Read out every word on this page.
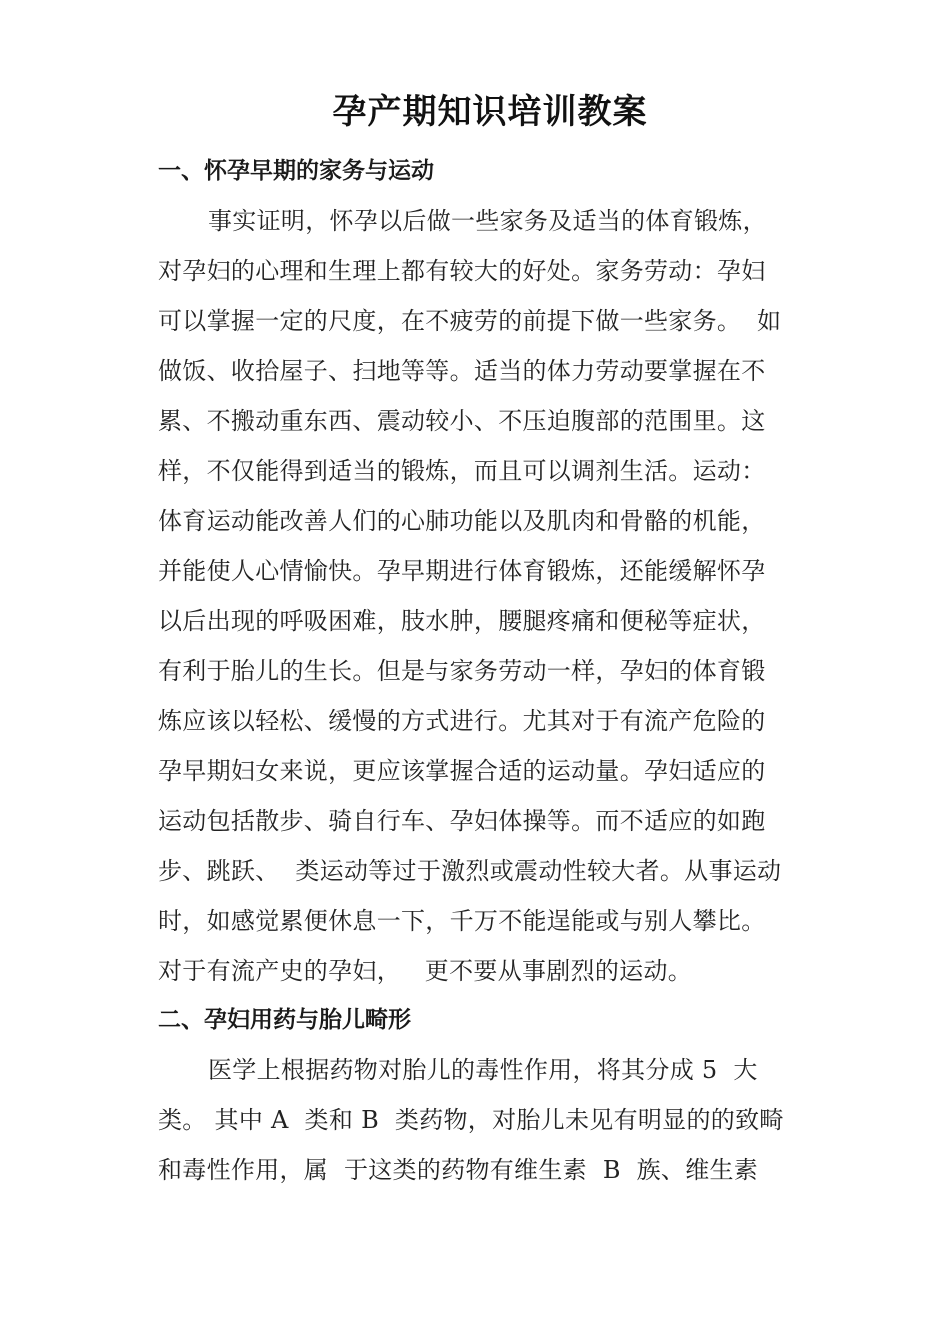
孕产期知识培训教案
一、怀孕早期的家务与运动
事实证明，怀孕以后做一些家务及适当的体育锻炼，
对孕妇的心理和生理上都有较大的好处。家务劳动：孕妇
可以掌握一定的尺度，在不疲劳的前提下做一些家务。  如
做饭、收拾屋子、扫地等等。适当的体力劳动要掌握在不
累、不搬动重东西、震动较小、不压迫腹部的范围里。这
样，不仅能得到适当的锻炼，而且可以调剂生活。运动：
体育运动能改善人们的心肺功能以及肌肉和骨骼的机能，
并能使人心情愉快。孕早期进行体育锻炼，还能缓解怀孕
以后出现的呼吸困难，肢水肿，腰腿疼痛和便秘等症状，
有利于胎儿的生长。但是与家务劳动一样，孕妇的体育锻
炼应该以轻松、缓慢的方式进行。尤其对于有流产危险的
孕早期妇女来说，更应该掌握合适的运动量。孕妇适应的
运动包括散步、骑自行车、孕妇体操等。而不适应的如跑
步、跳跃、  类运动等过于激烈或震动性较大者。从事运动
时，如感觉累便休息一下，千万不能逞能或与别人攀比。
对于有流产史的孕妇，   更不要从事剧烈的运动。
二、孕妇用药与胎儿畸形
医学上根据药物对胎儿的毒性作用，将其分成 5  大
类。 其中 A  类和 B  类药物，对胎儿未见有明显的的致畸
和毒性作用，属  于这类的药物有维生素  B  族、维生素
